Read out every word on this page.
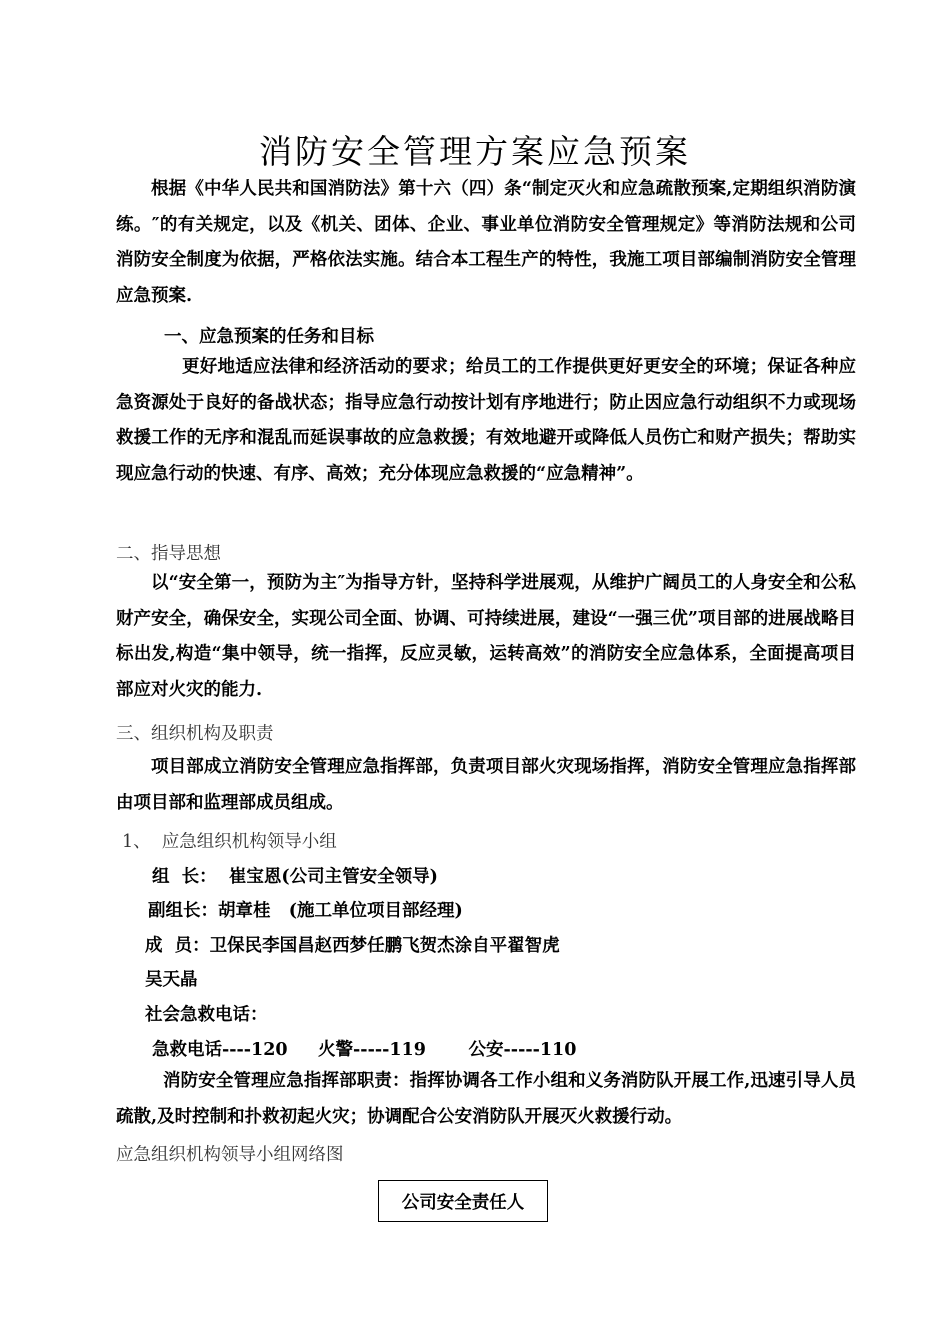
消防安全管理方案应急预案

根据《中华人民共和国消防法》第十六（四）条“制定灭火和应急疏散预案,定期组织消防演练。″的有关规定，以及《机关、团体、企业、事业单位消防安全管理规定》等消防法规和公司消防安全制度为依据，严格依法实施。结合本工程生产的特性，我施工项目部编制消防安全管理应急预案.

一、应急预案的任务和目标

更好地适应法律和经济活动的要求；给员工的工作提供更好更安全的环境；保证各种应急资源处于良好的备战状态；指导应急行动按计划有序地进行；防止因应急行动组织不力或现场救援工作的无序和混乱而延误事故的应急救援；有效地避开或降低人员伤亡和财产损失；帮助实现应急行动的快速、有序、高效；充分体现应急救援的“应急精神”。

二、指导思想

以“安全第一，预防为主″为指导方针，坚持科学进展观，从维护广阔员工的人身安全和公私财产安全，确保安全，实现公司全面、协调、可持续进展，建设“一强三优”项目部的进展战略目标出发,构造“集中领导，统一指挥，反应灵敏，运转高效”的消防安全应急体系，全面提高项目部应对火灾的能力.

三、组织机构及职责

项目部成立消防安全管理应急指挥部，负责项目部火灾现场指挥，消防安全管理应急指挥部由项目部和监理部成员组成。

1、  应急组织机构领导小组
组  长：  崔宝恩(公司主管安全领导)
副组长：胡章桂   (施工单位项目部经理)
成  员：卫保民李国昌赵西梦任鹏飞贺杰涂自平翟智虎
吴天晶
社会急救电话：
急救电话----120     火警-----119       公安-----110

消防安全管理应急指挥部职责：指挥协调各工作小组和义务消防队开展工作,迅速引导人员疏散,及时控制和扑救初起火灾；协调配合公安消防队开展灭火救援行动。

应急组织机构领导小组网络图
公司安全责任人
